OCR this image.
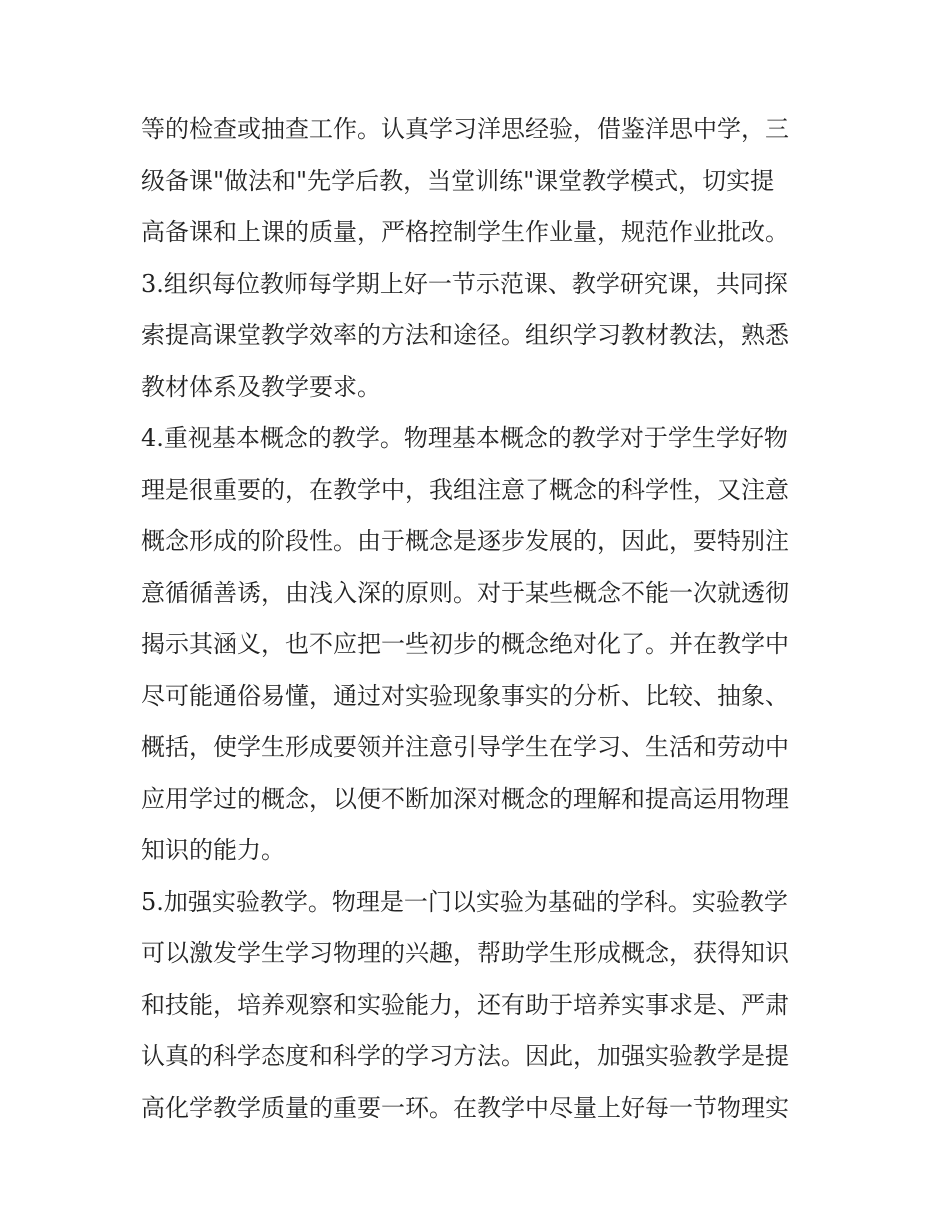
等的检查或抽查工作。认真学习洋思经验，借鉴洋思中学，三
级备课"做法和"先学后教，当堂训练"课堂教学模式，切实提
高备课和上课的质量，严格控制学生作业量，规范作业批改。
3.组织每位教师每学期上好一节示范课、教学研究课，共同探
索提高课堂教学效率的方法和途径。组织学习教材教法，熟悉
教材体系及教学要求。
4.重视基本概念的教学。物理基本概念的教学对于学生学好物
理是很重要的，在教学中，我组注意了概念的科学性，又注意
概念形成的阶段性。由于概念是逐步发展的，因此，要特别注
意循循善诱，由浅入深的原则。对于某些概念不能一次就透彻
揭示其涵义，也不应把一些初步的概念绝对化了。并在教学中
尽可能通俗易懂，通过对实验现象事实的分析、比较、抽象、
概括，使学生形成要领并注意引导学生在学习、生活和劳动中
应用学过的概念，以便不断加深对概念的理解和提高运用物理
知识的能力。
5.加强实验教学。物理是一门以实验为基础的学科。实验教学
可以激发学生学习物理的兴趣，帮助学生形成概念，获得知识
和技能，培养观察和实验能力，还有助于培养实事求是、严肃
认真的科学态度和科学的学习方法。因此，加强实验教学是提
高化学教学质量的重要一环。在教学中尽量上好每一节物理实
